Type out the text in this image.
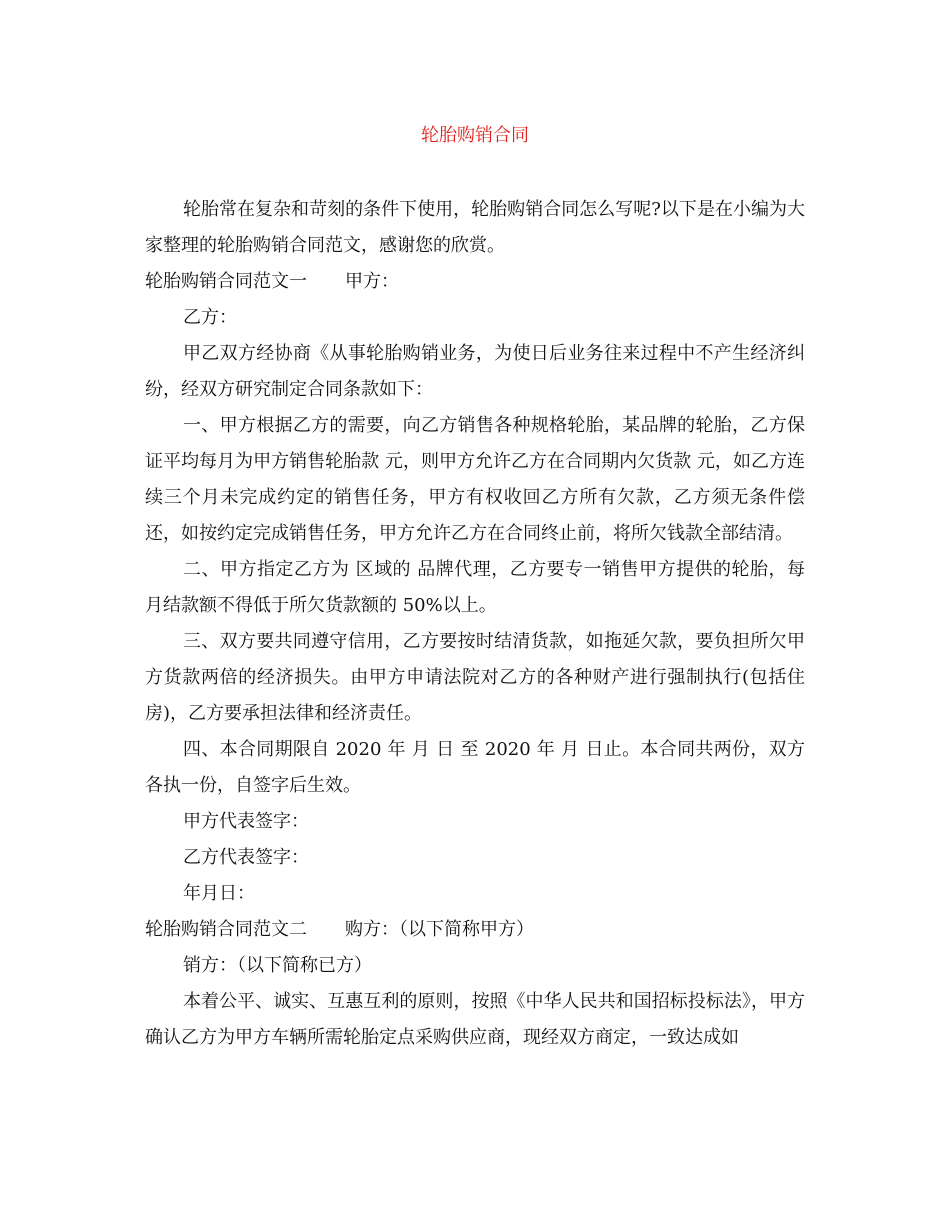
轮胎购销合同

轮胎常在复杂和苛刻的条件下使用，轮胎购销合同怎么写呢?以下是在小编为大家整理的轮胎购销合同范文，感谢您的欣赏。

轮胎购销合同范文一 甲方：

乙方：

甲乙双方经协商《从事轮胎购销业务，为使日后业务往来过程中不产生经济纠纷，经双方研究制定合同条款如下：

一、甲方根据乙方的需要，向乙方销售各种规格轮胎，某品牌的轮胎，乙方保证平均每月为甲方销售轮胎款 元，则甲方允许乙方在合同期内欠货款 元，如乙方连续三个月未完成约定的销售任务，甲方有权收回乙方所有欠款，乙方须无条件偿还，如按约定完成销售任务，甲方允许乙方在合同终止前，将所欠钱款全部结清。

二、甲方指定乙方为 区域的 品牌代理，乙方要专一销售甲方提供的轮胎，每月结款额不得低于所欠货款额的 50%以上。

三、双方要共同遵守信用，乙方要按时结清货款，如拖延欠款，要负担所欠甲方货款两倍的经济损失。由甲方申请法院对乙方的各种财产进行强制执行(包括住房)，乙方要承担法律和经济责任。

四、本合同期限自 2020 年 月 日 至 2020 年 月 日止。本合同共两份，双方各执一份，自签字后生效。

甲方代表签字：

乙方代表签字：

年月日：

轮胎购销合同范文二 购方：（以下简称甲方）

销方：（以下简称已方）

本着公平、诚实、互惠互利的原则，按照《中华人民共和国招标投标法》，甲方确认乙方为甲方车辆所需轮胎定点采购供应商，现经双方商定，一致达成如
